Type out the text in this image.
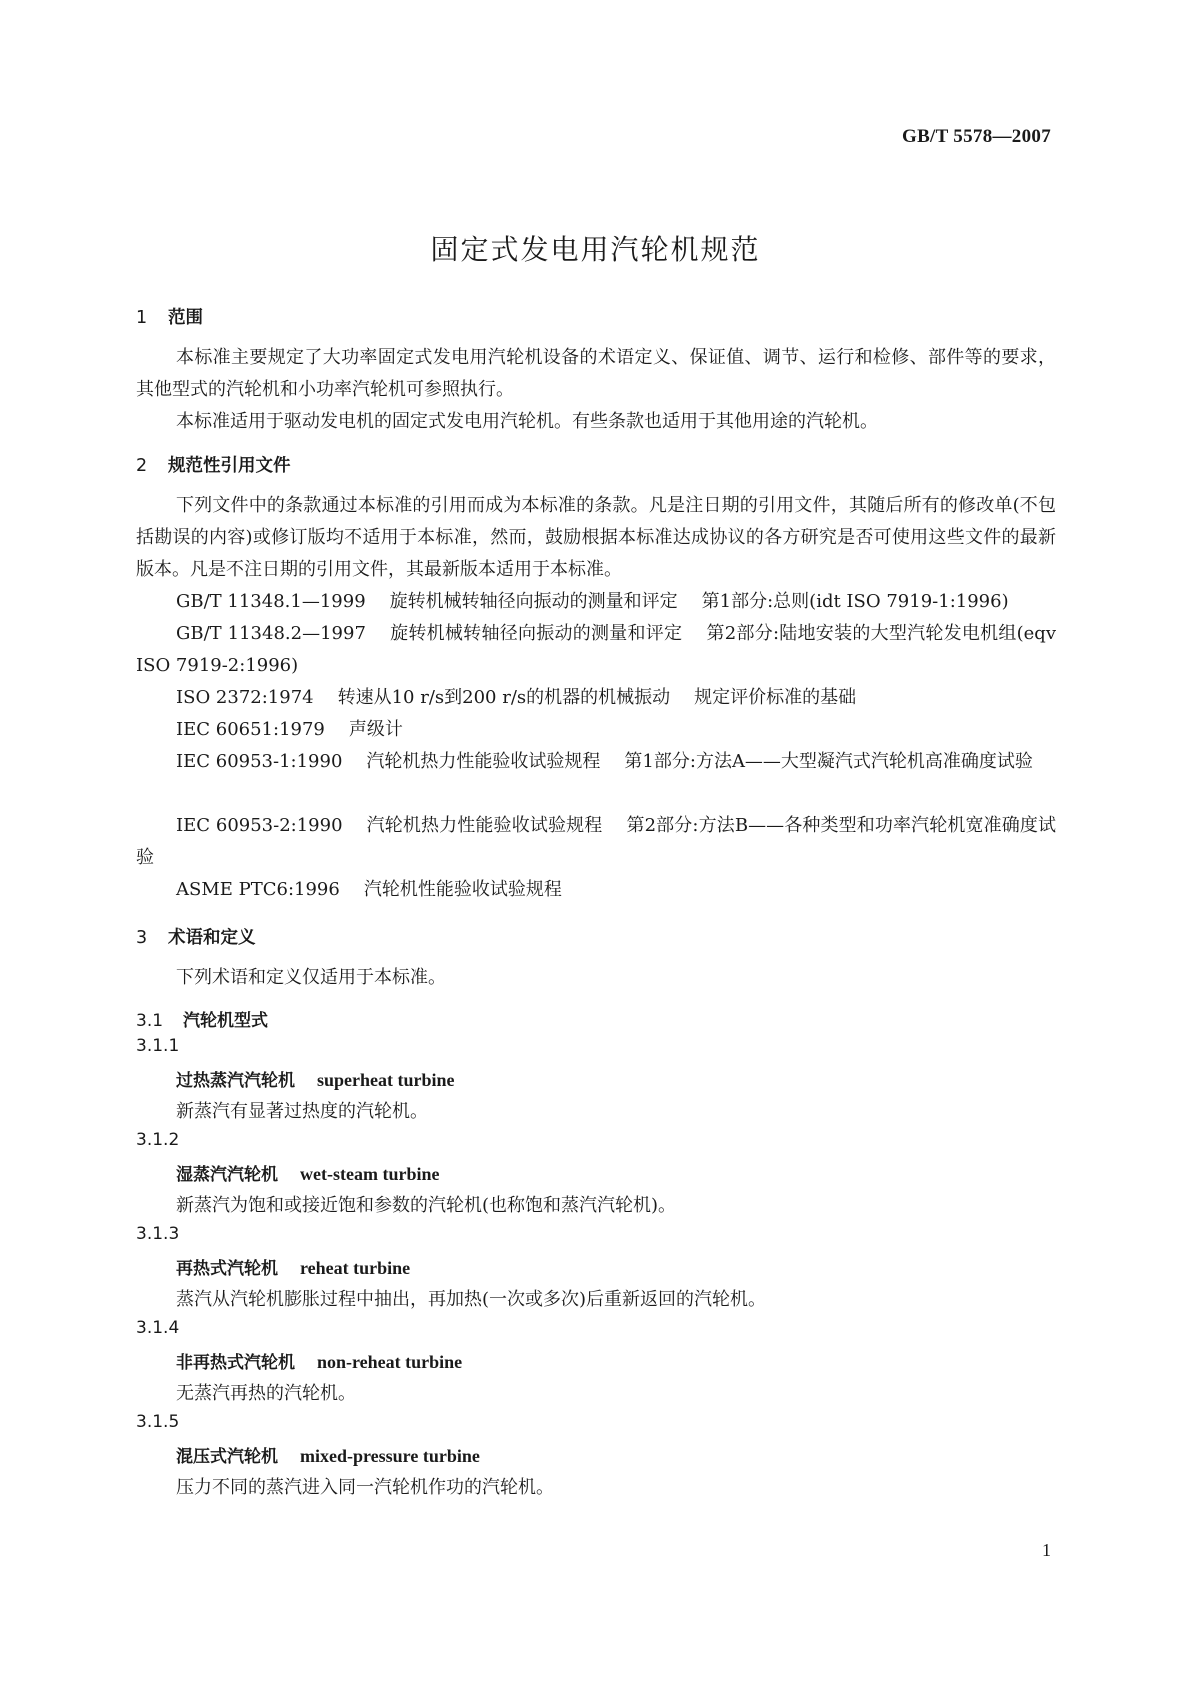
GB/T 5578—2007
固定式发电用汽轮机规范
1 范围
本标准主要规定了大功率固定式发电用汽轮机设备的术语定义、保证值、调节、运行和检修、部件等的要求，其他型式的汽轮机和小功率汽轮机可参照执行。
本标准适用于驱动发电机的固定式发电用汽轮机。有些条款也适用于其他用途的汽轮机。
2 规范性引用文件
下列文件中的条款通过本标准的引用而成为本标准的条款。凡是注日期的引用文件，其随后所有的修改单(不包括勘误的内容)或修订版均不适用于本标准，然而，鼓励根据本标准达成协议的各方研究是否可使用这些文件的最新版本。凡是不注日期的引用文件，其最新版本适用于本标准。
GB/T 11348.1—1999 旋转机械转轴径向振动的测量和评定 第1部分:总则(idt ISO 7919-1:1996)
GB/T 11348.2—1997 旋转机械转轴径向振动的测量和评定 第2部分:陆地安装的大型汽轮发电机组(eqv ISO 7919-2:1996)
ISO 2372:1974 转速从10 r/s到200 r/s的机器的机械振动 规定评价标准的基础
IEC 60651:1979 声级计
IEC 60953-1:1990 汽轮机热力性能验收试验规程 第1部分:方法A——大型凝汽式汽轮机高准确度试验
IEC 60953-2:1990 汽轮机热力性能验收试验规程 第2部分:方法B——各种类型和功率汽轮机宽准确度试验
ASME PTC6:1996 汽轮机性能验收试验规程
3 术语和定义
下列术语和定义仅适用于本标准。
3.1 汽轮机型式
3.1.1
过热蒸汽汽轮机 superheat turbine
新蒸汽有显著过热度的汽轮机。
3.1.2
湿蒸汽汽轮机 wet-steam turbine
新蒸汽为饱和或接近饱和参数的汽轮机(也称饱和蒸汽汽轮机)。
3.1.3
再热式汽轮机 reheat turbine
蒸汽从汽轮机膨胀过程中抽出，再加热(一次或多次)后重新返回的汽轮机。
3.1.4
非再热式汽轮机 non-reheat turbine
无蒸汽再热的汽轮机。
3.1.5
混压式汽轮机 mixed-pressure turbine
压力不同的蒸汽进入同一汽轮机作功的汽轮机。
1
